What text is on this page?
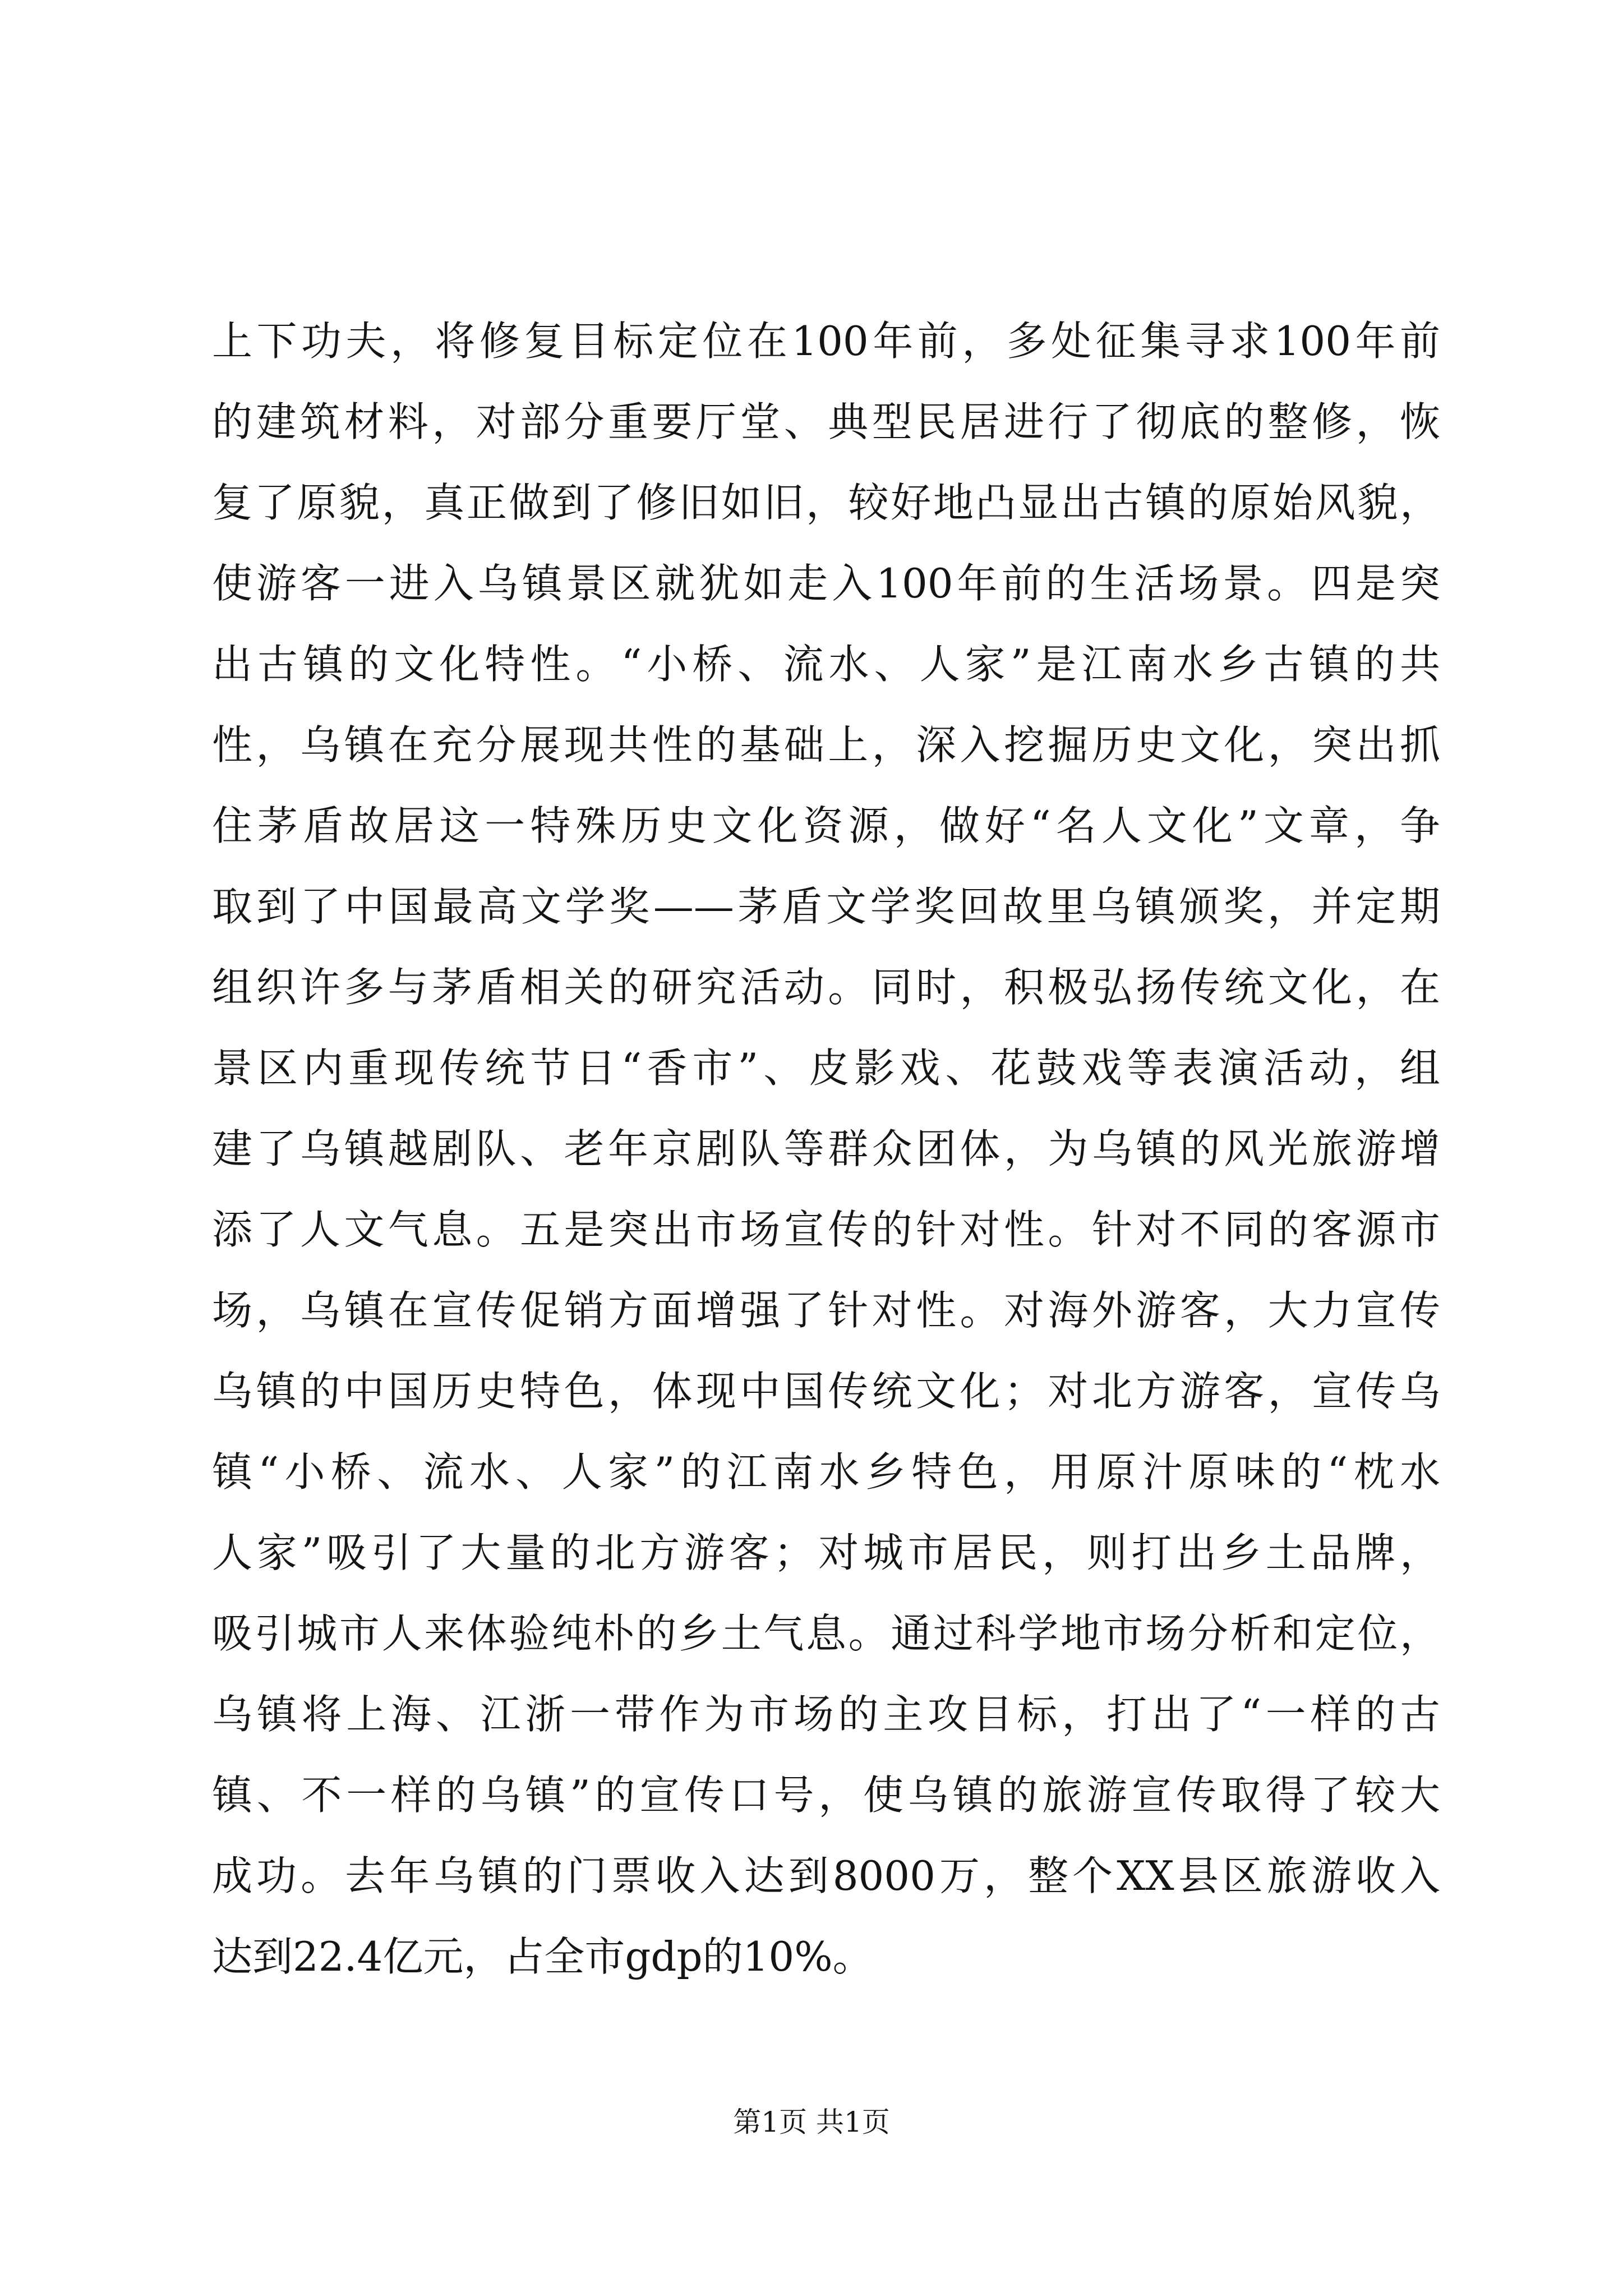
上下功夫，将修复目标定位在100年前，多处征集寻求100年前
的建筑材料，对部分重要厅堂、典型民居进行了彻底的整修，恢
复了原貌，真正做到了修旧如旧，较好地凸显出古镇的原始风貌，
使游客一进入乌镇景区就犹如走入100年前的生活场景。四是突
出古镇的文化特性。“小桥、流水、人家”是江南水乡古镇的共
性，乌镇在充分展现共性的基础上，深入挖掘历史文化，突出抓
住茅盾故居这一特殊历史文化资源，做好“名人文化”文章，争
取到了中国最高文学奖——茅盾文学奖回故里乌镇颁奖，并定期
组织许多与茅盾相关的研究活动。同时，积极弘扬传统文化，在
景区内重现传统节日“香市”、皮影戏、花鼓戏等表演活动，组
建了乌镇越剧队、老年京剧队等群众团体，为乌镇的风光旅游增
添了人文气息。五是突出市场宣传的针对性。针对不同的客源市
场，乌镇在宣传促销方面增强了针对性。对海外游客，大力宣传
乌镇的中国历史特色，体现中国传统文化；对北方游客，宣传乌
镇“小桥、流水、人家”的江南水乡特色，用原汁原味的“枕水
人家”吸引了大量的北方游客；对城市居民，则打出乡土品牌，
吸引城市人来体验纯朴的乡土气息。通过科学地市场分析和定位，
乌镇将上海、江浙一带作为市场的主攻目标，打出了“一样的古
镇、不一样的乌镇”的宣传口号，使乌镇的旅游宣传取得了较大
成功。去年乌镇的门票收入达到8000万，整个XX县区旅游收入
达到22.4亿元，占全市gdp的10%。
第1页 共1页
